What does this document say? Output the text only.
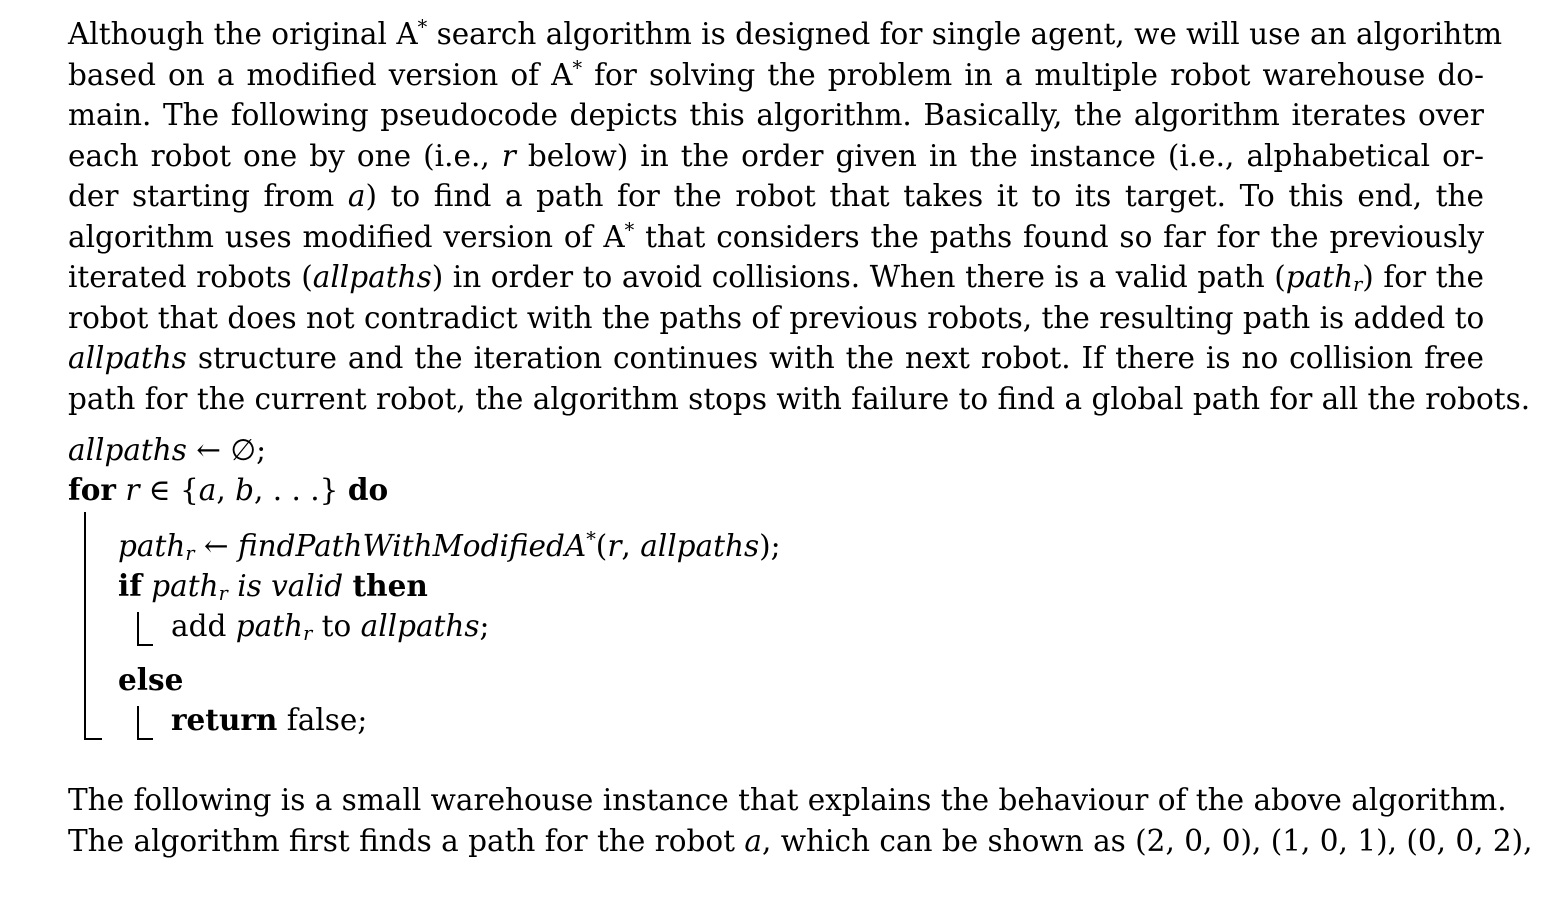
Although the original A* search algorithm is designed for single agent, we will use an algorihtm
based on a modified version of A* for solving the problem in a multiple robot warehouse do-
main. The following pseudocode depicts this algorithm. Basically, the algorithm iterates over
each robot one by one (i.e., r below) in the order given in the instance (i.e., alphabetical or-
der starting from a) to find a path for the robot that takes it to its target. To this end, the
algorithm uses modified version of A* that considers the paths found so far for the previously
iterated robots (allpaths) in order to avoid collisions. When there is a valid path (path$_r$) for the
robot that does not contradict with the paths of previous robots, the resulting path is added to
allpaths structure and the iteration continues with the next robot. If there is no collision free
path for the current robot, the algorithm stops with failure to find a global path for all the robots.
allpaths ← ∅;
for r ∈ {a, b, . . .} do
path$_r$ ← findPathWithModifiedA*(r, allpaths);
if path$_r$ is valid then
add path$_r$ to allpaths;
else
return false;
The following is a small warehouse instance that explains the behaviour of the above algorithm.
The algorithm first finds a path for the robot a, which can be shown as (2, 0, 0), (1, 0, 1), (0, 0, 2),
